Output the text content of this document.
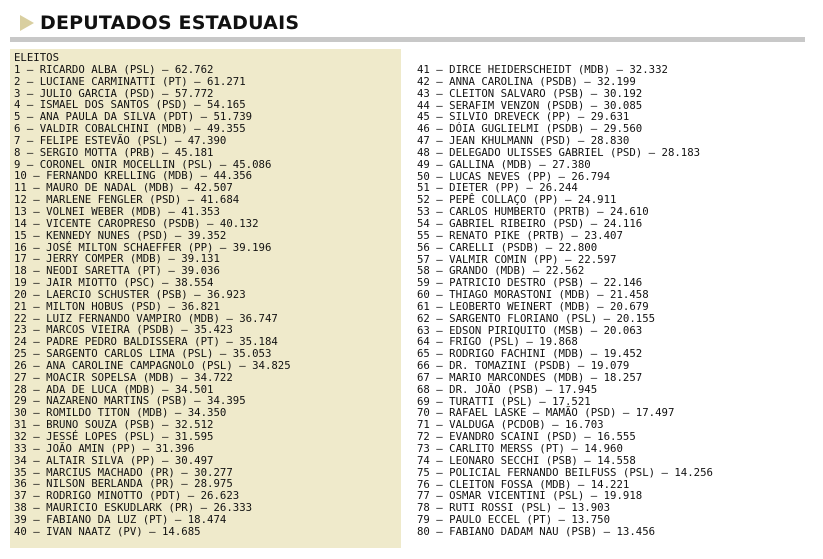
DEPUTADOS ESTADUAIS
ELEITOS
1 – RICARDO ALBA (PSL) – 62.762
2 – LUCIANE CARMINATTI (PT) – 61.271
3 – JULIO GARCIA (PSD) – 57.772
4 – ISMAEL DOS SANTOS (PSD) – 54.165
5 – ANA PAULA DA SILVA (PDT) – 51.739
6 – VALDIR COBALCHINI (MDB) – 49.355
7 – FELIPE ESTEVÃO (PSL) – 47.390
8 – SERGIO MOTTA (PRB) – 45.181
9 – CORONEL ONIR MOCELLIN (PSL) – 45.086
10 – FERNANDO KRELLING (MDB) – 44.356
11 – MAURO DE NADAL (MDB) – 42.507
12 – MARLENE FENGLER (PSD) – 41.684
13 – VOLNEI WEBER (MDB) – 41.353
14 – VICENTE CAROPRESO (PSDB) – 40.132
15 – KENNEDY NUNES (PSD) – 39.352
16 – JOSÉ MILTON SCHAEFFER (PP) – 39.196
17 – JERRY COMPER (MDB) – 39.131
18 – NEODI SARETTA (PT) – 39.036
19 – JAIR MIOTTO (PSC) – 38.554
20 – LAERCIO SCHUSTER (PSB) – 36.923
21 – MILTON HOBUS (PSD) – 36.821
22 – LUIZ FERNANDO VAMPIRO (MDB) – 36.747
23 – MARCOS VIEIRA (PSDB) – 35.423
24 – PADRE PEDRO BALDISSERA (PT) – 35.184
25 – SARGENTO CARLOS LIMA (PSL) – 35.053
26 – ANA CAROLINE CAMPAGNOLO (PSL) – 34.825
27 – MOACIR SOPELSA (MDB) – 34.722
28 – ADA DE LUCA (MDB) – 34.501
29 – NAZARENO MARTINS (PSB) – 34.395
30 – ROMILDO TITON (MDB) – 34.350
31 – BRUNO SOUZA (PSB) – 32.512
32 – JESSÉ LOPES (PSL) – 31.595
33 – JOÃO AMIN (PP) – 31.396
34 – ALTAIR SILVA (PP) – 30.497
35 – MARCIUS MACHADO (PR) – 30.277
36 – NILSON BERLANDA (PR) – 28.975
37 – RODRIGO MINOTTO (PDT) – 26.623
38 – MAURICIO ESKUDLARK (PR) – 26.333
39 – FABIANO DA LUZ (PT) – 18.474
40 – IVAN NAATZ (PV) – 14.685
41 – DIRCE HEIDERSCHEIDT (MDB) – 32.332
42 – ANNA CAROLINA (PSDB) – 32.199
43 – CLEITON SALVARO (PSB) – 30.192
44 – SERAFIM VENZON (PSDB) – 30.085
45 – SILVIO DREVECK (PP) – 29.631
46 – DÓIA GUGLIELMI (PSDB) – 29.560
47 – JEAN KHULMANN (PSD) – 28.830
48 – DELEGADO ULISSES GABRIEL (PSD) – 28.183
49 – GALLINA (MDB) – 27.380
50 – LUCAS NEVES (PP) – 26.794
51 – DIETER (PP) – 26.244
52 – PEPÊ COLLAÇO (PP) – 24.911
53 – CARLOS HUMBERTO (PRTB) – 24.610
54 – GABRIEL RIBEIRO (PSD) – 24.116
55 – RENATO PIKE (PRTB) – 23.407
56 – CARELLI (PSDB) – 22.800
57 – VALMIR COMIN (PP) – 22.597
58 – GRANDO (MDB) – 22.562
59 – PATRICIO DESTRO (PSB) – 22.146
60 – THIAGO MORASTONI (MDB) – 21.458
61 – LEOBERTO WEINERT (MDB) – 20.679
62 – SARGENTO FLORIANO (PSL) – 20.155
63 – EDSON PIRIQUITO (MSB) – 20.063
64 – FRIGO (PSL) – 19.868
65 – RODRIGO FACHINI (MDB) – 19.452
66 – DR. TOMAZINI (PSDB) – 19.079
67 – MARIO MARCONDES (MDB) – 18.257
68 – DR. JOÃO (PSB) – 17.945
69 – TURATTI (PSL) – 17.521
70 – RAFAEL LASKE – MAMÃO (PSD) – 17.497
71 – VALDUGA (PCDOB) – 16.703
72 – EVANDRO SCAINI (PSD) – 16.555
73 – CARLITO MERSS (PT) – 14.960
74 – LEONARO SECCHI (PSB) – 14.558
75 – POLICIAL FERNANDO BEILFUSS (PSL) – 14.256
76 – CLEITON FOSSA (MDB) – 14.221
77 – OSMAR VICENTINI (PSL) – 19.918
78 – RUTI ROSSI (PSL) – 13.903
79 – PAULO ECCEL (PT) – 13.750
80 – FABIANO DADAM NAU (PSB) – 13.456
